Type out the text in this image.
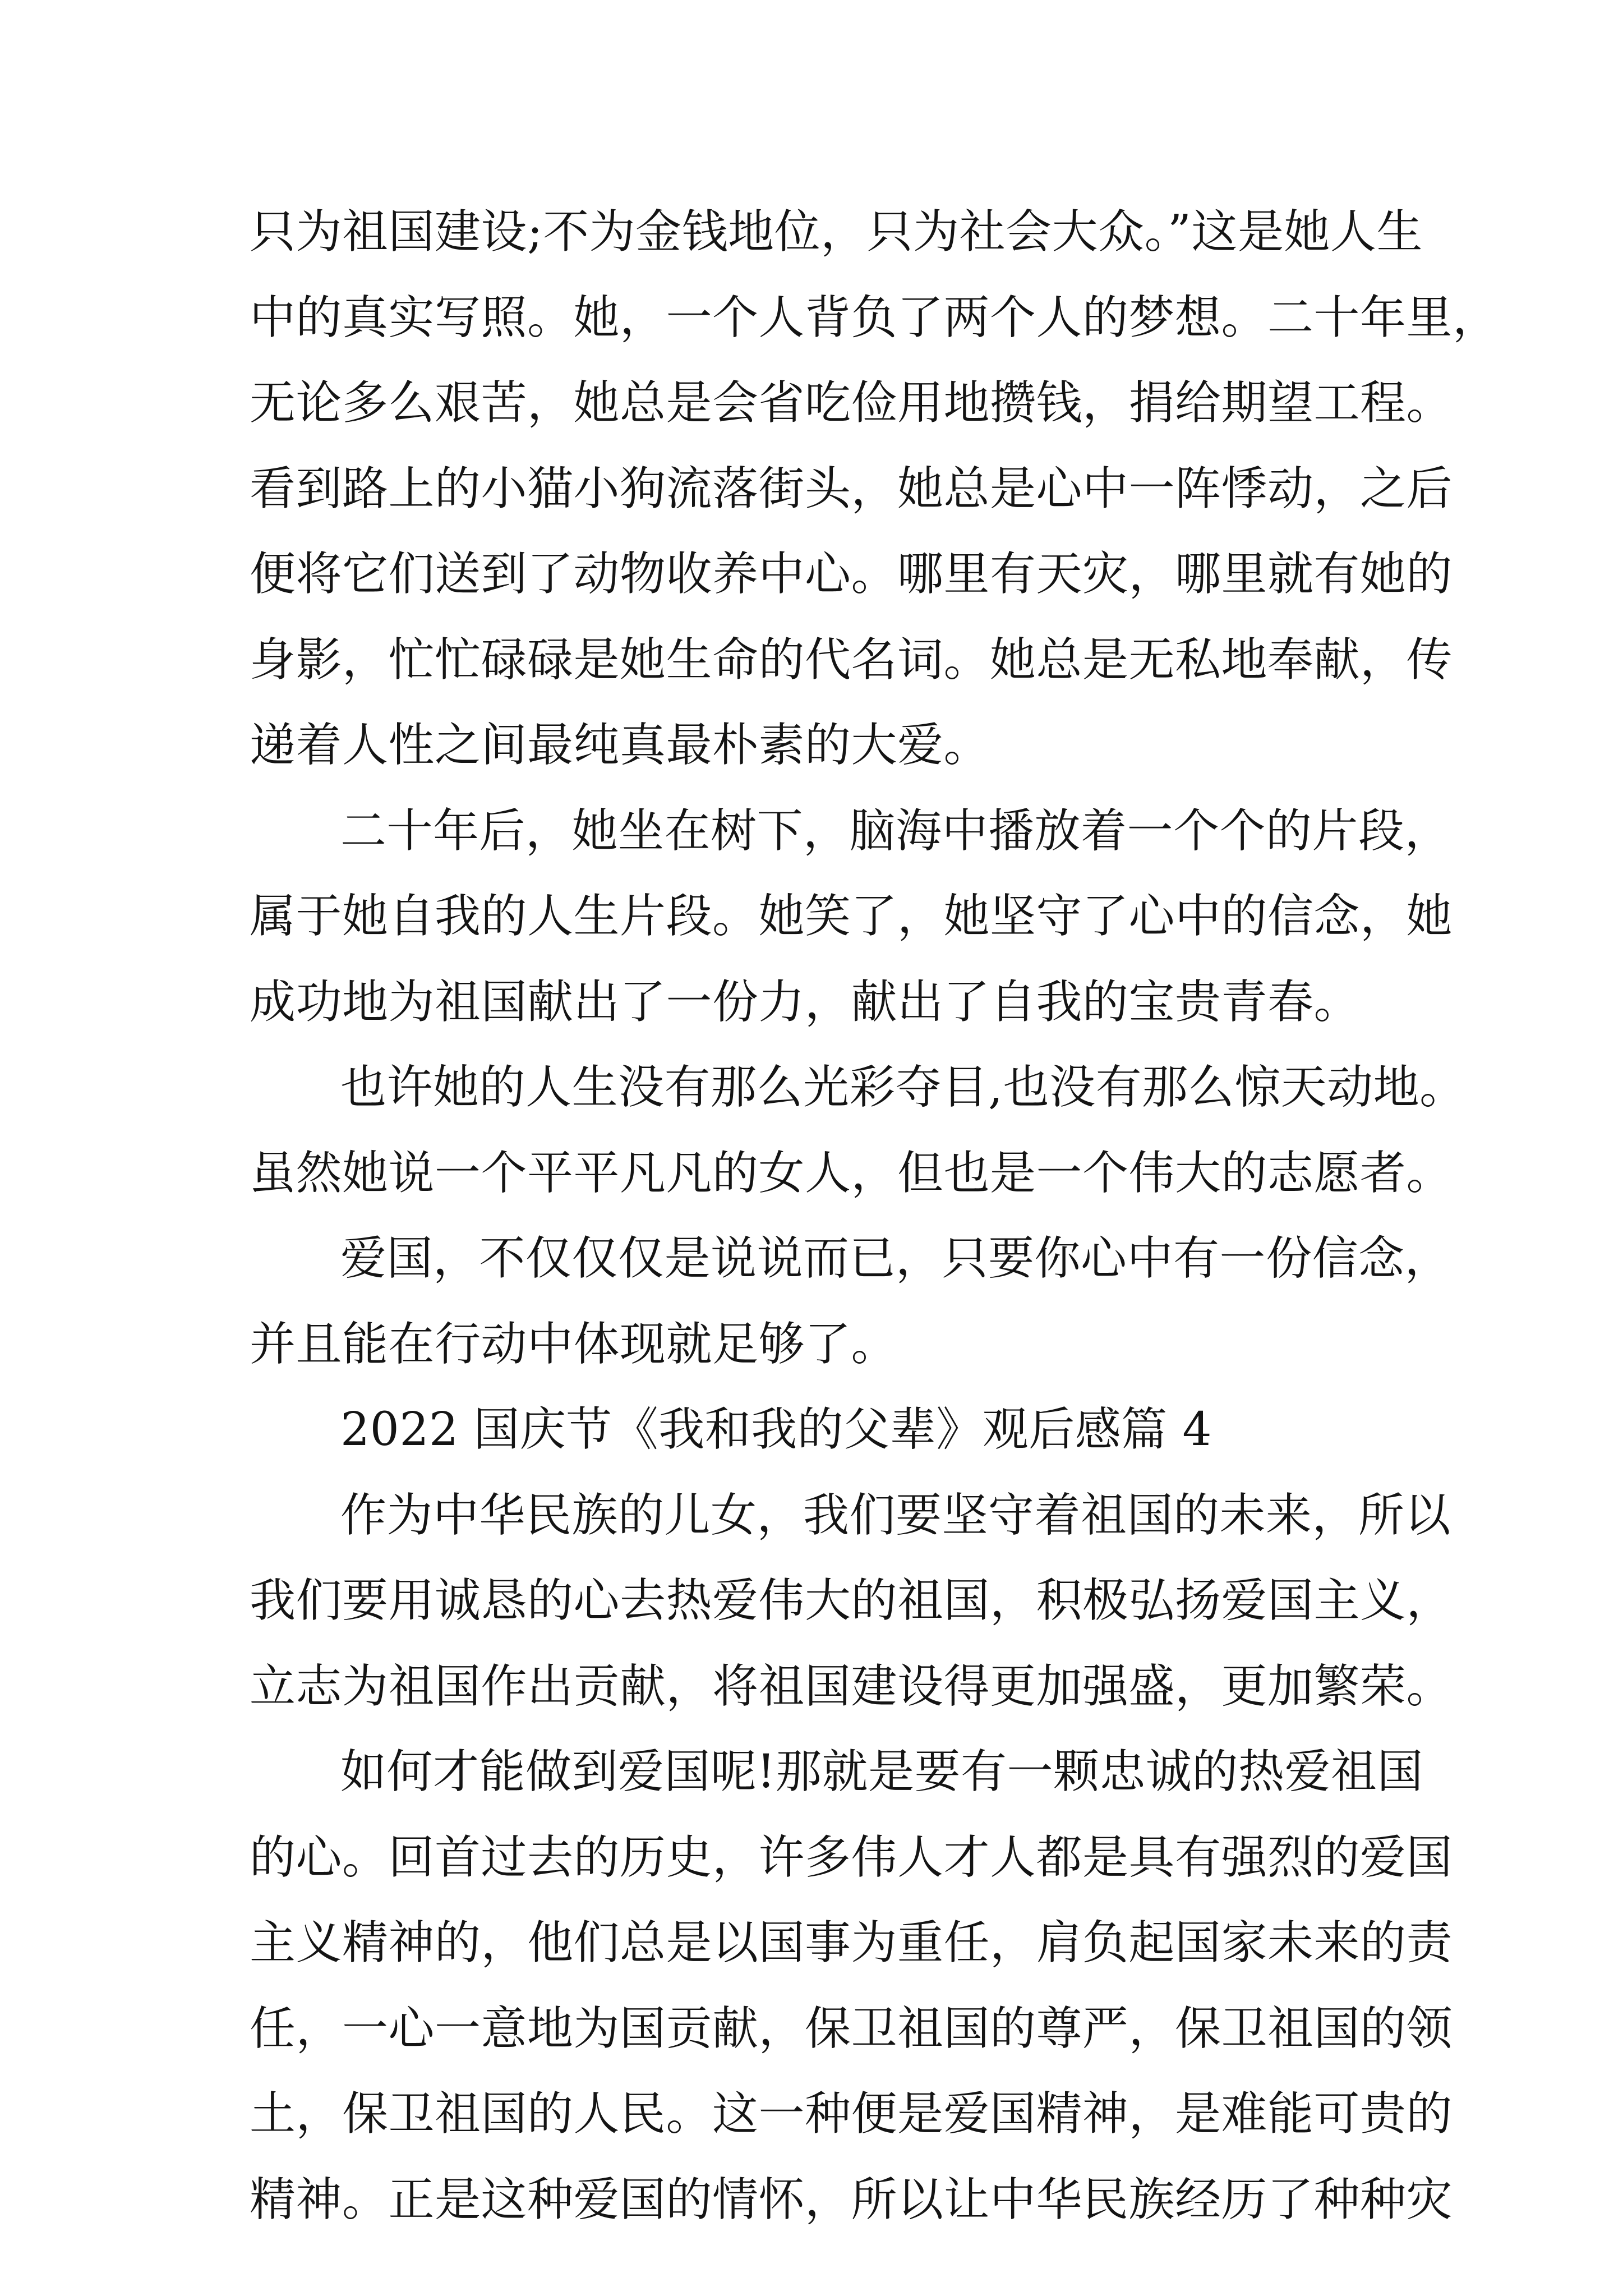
只为祖国建设;不为金钱地位，只为社会大众。”这是她人生
中的真实写照。她，一个人背负了两个人的梦想。二十年里，
无论多么艰苦，她总是会省吃俭用地攒钱，捐给期望工程。
看到路上的小猫小狗流落街头，她总是心中一阵悸动，之后
便将它们送到了动物收养中心。哪里有天灾，哪里就有她的
身影，忙忙碌碌是她生命的代名词。她总是无私地奉献，传
递着人性之间最纯真最朴素的大爱。
二十年后，她坐在树下，脑海中播放着一个个的片段，
属于她自我的人生片段。她笑了，她坚守了心中的信念，她
成功地为祖国献出了一份力，献出了自我的宝贵青春。
也许她的人生没有那么光彩夺目,也没有那么惊天动地。
虽然她说一个平平凡凡的女人，但也是一个伟大的志愿者。
爱国，不仅仅仅是说说而已，只要你心中有一份信念，
并且能在行动中体现就足够了。
2022 国庆节《我和我的父辈》观后感篇 4
作为中华民族的儿女，我们要坚守着祖国的未来，所以
我们要用诚恳的心去热爱伟大的祖国，积极弘扬爱国主义，
立志为祖国作出贡献，将祖国建设得更加强盛，更加繁荣。
如何才能做到爱国呢!那就是要有一颗忠诚的热爱祖国
的心。回首过去的历史，许多伟人才人都是具有强烈的爱国
主义精神的，他们总是以国事为重任，肩负起国家未来的责
任，一心一意地为国贡献，保卫祖国的尊严，保卫祖国的领
土，保卫祖国的人民。这一种便是爱国精神，是难能可贵的
精神。正是这种爱国的情怀，所以让中华民族经历了种种灾
